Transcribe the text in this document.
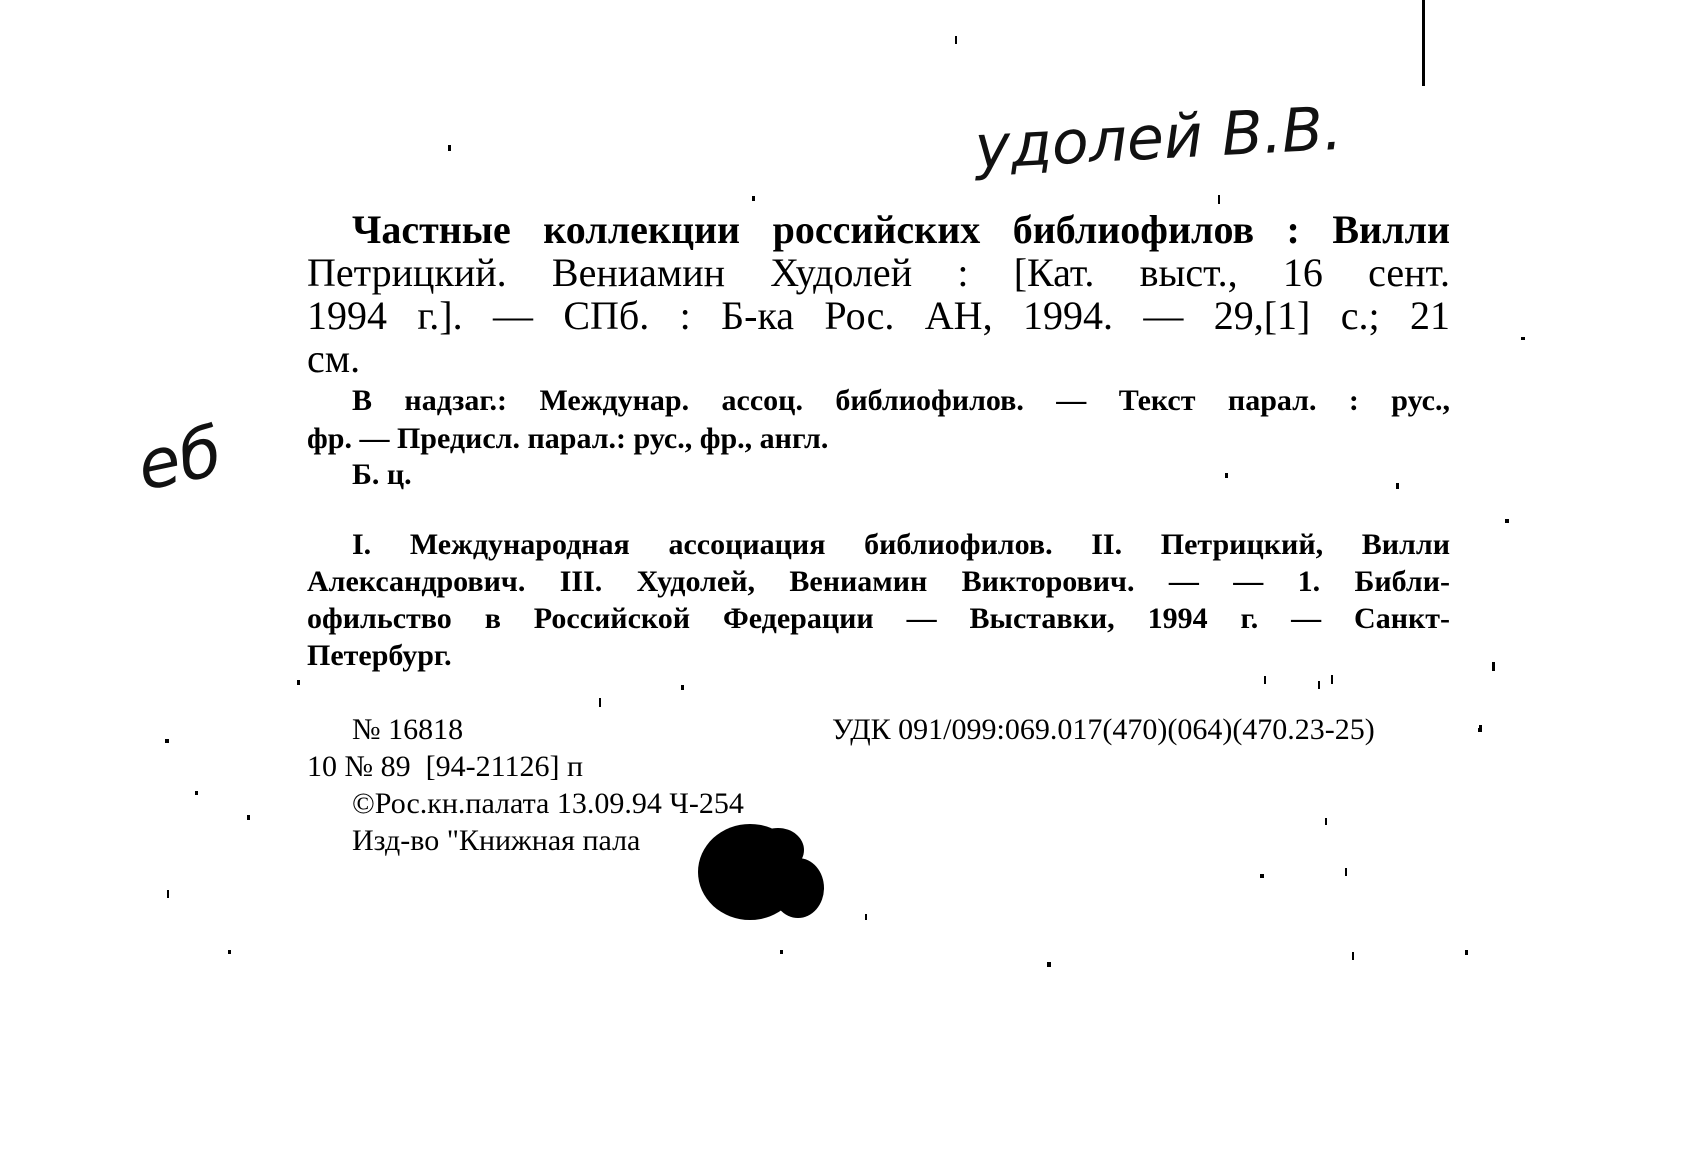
удолей В.В.
еб
Частные коллекции российских библиофилов : Вилли
Петрицкий. Вениамин Худолей : [Кат. выст., 16 сент.
1994 г.]. — СПб. : Б-ка Рос. АН, 1994. — 29,[1] с.; 21
см.
В надзаг.: Междунар. ассоц. библиофилов. — Текст парал. : рус.,
фр. — Предисл. парал.: рус., фр., англ.
Б. ц.
I. Международная ассоциация библиофилов. II. Петрицкий, Вилли
Александрович. III. Худолей, Вениамин Викторович. — — 1. Библи-
офильство в Российской Федерации — Выставки, 1994 г. — Санкт-
Петербург.
№ 16818	УДК 091/099:069.017(470)(064)(470.23-25)
10 № 89  [94-21126] п
©Рос.кн.палата 13.09.94 Ч-254
Изд-во "Книжная пала
